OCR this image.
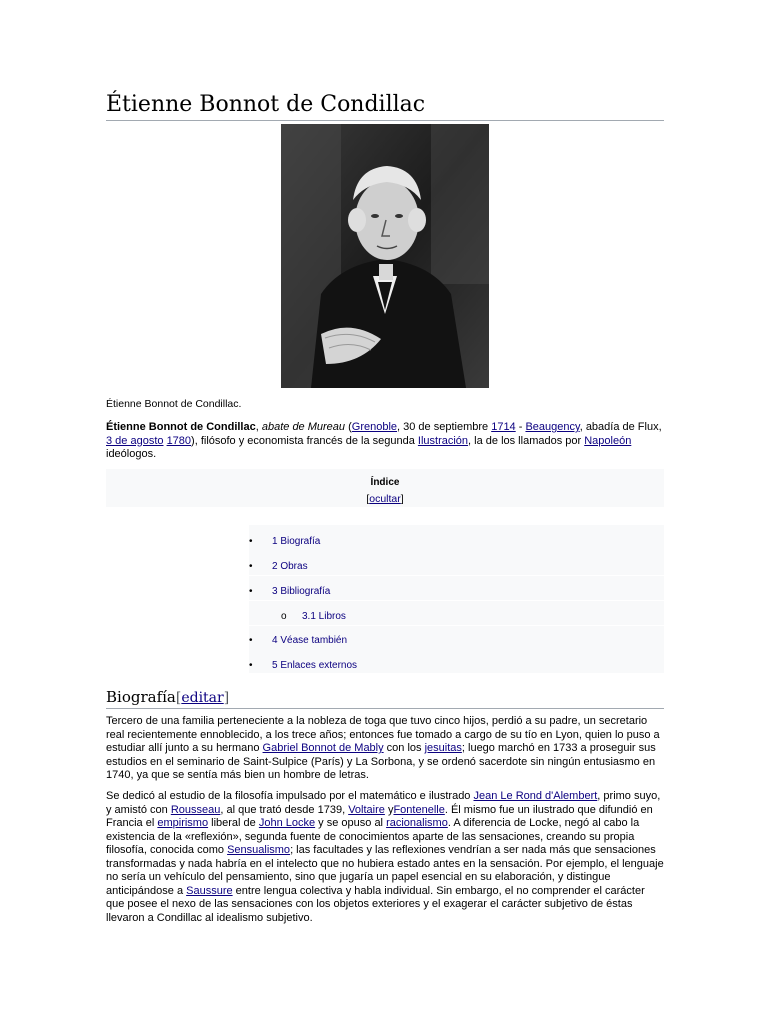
Étienne Bonnot de Condillac
Étienne Bonnot de Condillac.
Étienne Bonnot de Condillac, abate de Mureau (Grenoble, 30 de septiembre 1714 - Beaugency, abadía de Flux, 3 de agosto 1780), filósofo y economista francés de la segunda Ilustración, la de los llamados por Napoleón ideólogos.
Índice
[ocultar]
• 1 Biografía
• 2 Obras
• 3 Bibliografía
o 3.1 Libros
• 4 Véase también
• 5 Enlaces externos
Biografía[editar]
Tercero de una familia perteneciente a la nobleza de toga que tuvo cinco hijos, perdió a su padre, un secretario real recientemente ennoblecido, a los trece años; entonces fue tomado a cargo de su tío en Lyon, quien lo puso a estudiar allí junto a su hermano Gabriel Bonnot de Mably con los jesuitas; luego marchó en 1733 a proseguir sus estudios en el seminario de Saint-Sulpice (París) y La Sorbona, y se ordenó sacerdote sin ningún entusiasmo en 1740, ya que se sentía más bien un hombre de letras.
Se dedicó al estudio de la filosofía impulsado por el matemático e ilustrado Jean Le Rond d'Alembert, primo suyo, y amistó con Rousseau, al que trató desde 1739, Voltaire yFontenelle. Él mismo fue un ilustrado que difundió en Francia el empirismo liberal de John Locke y se opuso al racionalismo. A diferencia de Locke, negó al cabo la existencia de la «reflexión», segunda fuente de conocimientos aparte de las sensaciones, creando su propia filosofía, conocida como Sensualismo; las facultades y las reflexiones vendrían a ser nada más que sensaciones transformadas y nada habría en el intelecto que no hubiera estado antes en la sensación. Por ejemplo, el lenguaje no sería un vehículo del pensamiento, sino que jugaría un papel esencial en su elaboración, y distingue anticipándose a Saussure entre lengua colectiva y habla individual. Sin embargo, el no comprender el carácter que posee el nexo de las sensaciones con los objetos exteriores y el exagerar el carácter subjetivo de éstas llevaron a Condillac al idealismo subjetivo.
